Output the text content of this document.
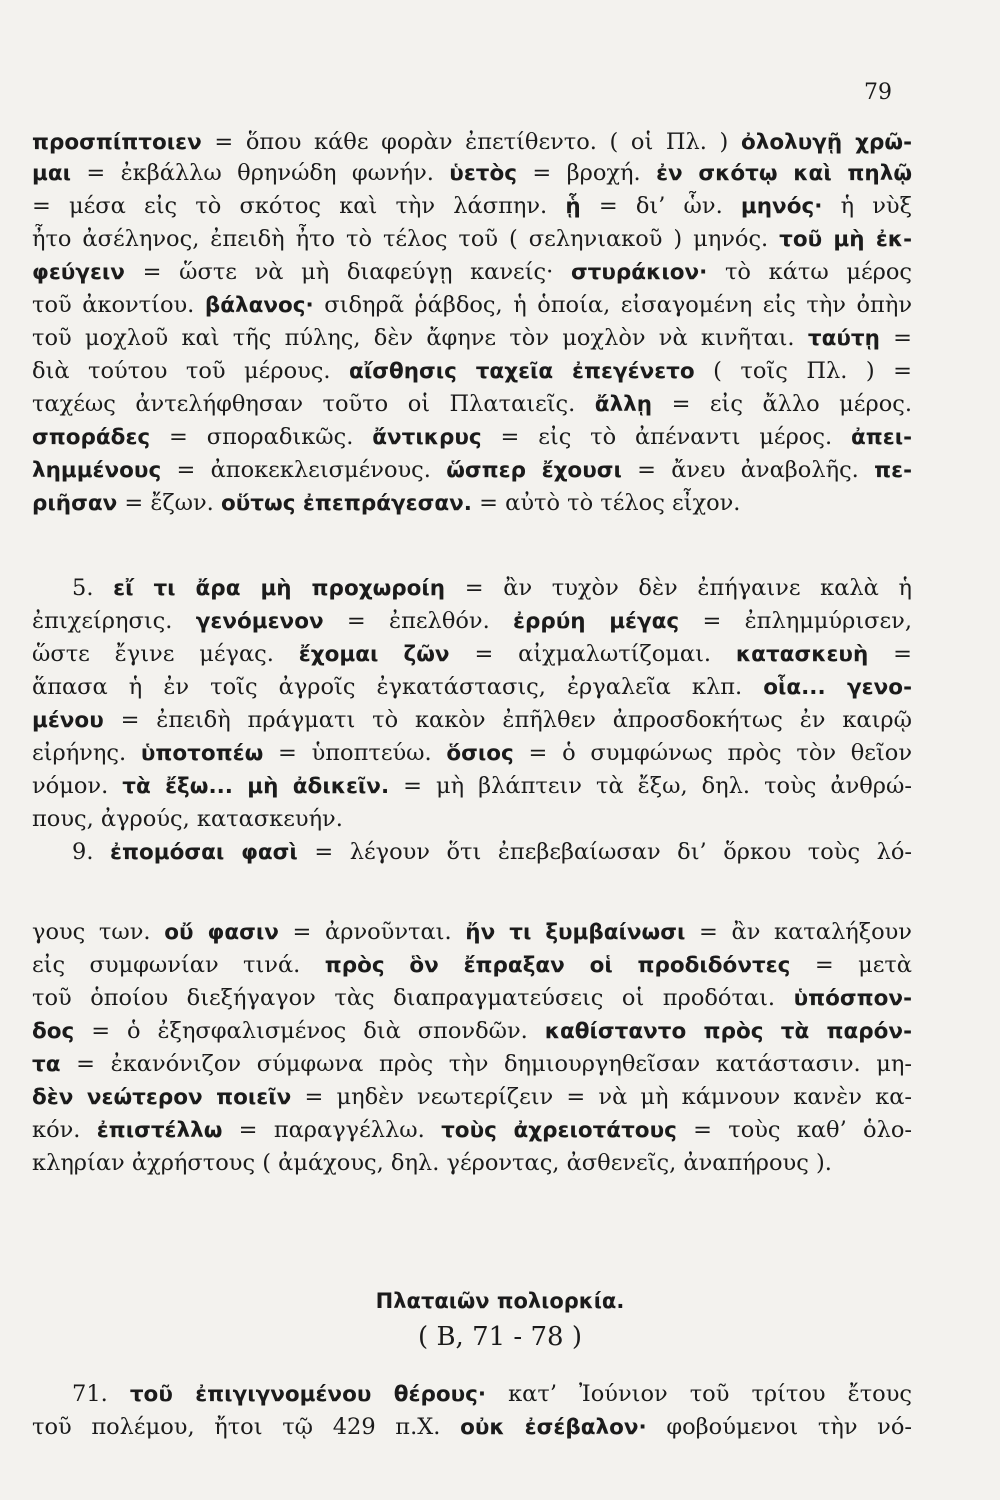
79
προσπίπτοιεν = ὅπου κάθε φορὰν ἐπετίθεντο. ( οἱ Πλ. ) ὀλολυγῇ χρῶ-
μαι = ἐκβάλλω θρηνώδη φωνήν. ὑετὸς = βροχή. ἐν σκότῳ καὶ πηλῷ
= μέσα εἰς τὸ σκότος καὶ τὴν λάσπην. ᾗ = δι’ ὧν. μηνός· ἡ νὺξ
ἦτο ἀσέληνος, ἐπειδὴ ἦτο τὸ τέλος τοῦ ( σεληνιακοῦ ) μηνός. τοῦ μὴ ἐκ-
φεύγειν = ὥστε νὰ μὴ διαφεύγῃ κανείς· στυράκιον· τὸ κάτω μέρος
τοῦ ἀκοντίου. βάλανος· σιδηρᾶ ῥάβδος, ἡ ὁποία, εἰσαγομένη εἰς τὴν ὀπὴν
τοῦ μοχλοῦ καὶ τῆς πύλης, δὲν ἄφηνε τὸν μοχλὸν νὰ κινῆται. ταύτῃ =
διὰ τούτου τοῦ μέρους. αἴσθησις ταχεῖα ἐπεγένετο ( τοῖς Πλ. ) =
ταχέως ἀντελήφθησαν τοῦτο οἱ Πλαταιεῖς. ἄλλῃ = εἰς ἄλλο μέρος.
σποράδες = σποραδικῶς. ἄντικρυς = εἰς τὸ ἀπέναντι μέρος. ἀπει-
λημμένους = ἀποκεκλεισμένους. ὥσπερ ἔχουσι = ἄνευ ἀναβολῆς. πε-
ριῆσαν = ἔζων. οὕτως ἐπεπράγεσαν. = αὐτὸ τὸ τέλος εἶχον.
5. εἴ τι ἄρα μὴ προχωροίη = ἂν τυχὸν δὲν ἐπήγαινε καλὰ ἡ
ἐπιχείρησις. γενόμενον = ἐπελθόν. ἐρρύη μέγας = ἐπλημμύρισεν,
ὥστε ἔγινε μέγας. ἔχομαι ζῶν = αἰχμαλωτίζομαι. κατασκευὴ =
ἅπασα ἡ ἐν τοῖς ἀγροῖς ἐγκατάστασις, ἐργαλεῖα κλπ. οἷα... γενο-
μένου = ἐπειδὴ πράγματι τὸ κακὸν ἐπῆλθεν ἀπροσδοκήτως ἐν καιρῷ
εἰρήνης. ὑποτοπέω = ὑποπτεύω. ὅσιος = ὁ συμφώνως πρὸς τὸν θεῖον
νόμον. τὰ ἔξω... μὴ ἀδικεῖν. = μὴ βλάπτειν τὰ ἔξω, δηλ. τοὺς ἀνθρώ-
πους, ἀγρούς, κατασκευήν.
9. ἐπομόσαι φασὶ = λέγουν ὅτι ἐπεβεβαίωσαν δι’ ὅρκου τοὺς λό-
γους των. οὔ φασιν = ἀρνοῦνται. ἤν τι ξυμβαίνωσι = ἂν καταλήξουν
εἰς συμφωνίαν τινά. πρὸς ὃν ἔπραξαν οἱ προδιδόντες = μετὰ
τοῦ ὁποίου διεξήγαγον τὰς διαπραγματεύσεις οἱ προδόται. ὑπόσπον-
δος = ὁ ἐξησφαλισμένος διὰ σπονδῶν. καθίσταντο πρὸς τὰ παρόν-
τα = ἐκανόνιζον σύμφωνα πρὸς τὴν δημιουργηθεῖσαν κατάστασιν. μη-
δὲν νεώτερον ποιεῖν = μηδὲν νεωτερίζειν = νὰ μὴ κάμνουν κανὲν κα-
κόν. ἐπιστέλλω = παραγγέλλω. τοὺς ἀχρειοτάτους = τοὺς καθ’ ὁλο-
κληρίαν ἀχρήστους ( ἀμάχους, δηλ. γέροντας, ἀσθενεῖς, ἀναπήρους ).
71. τοῦ ἐπιγιγνομένου θέρους· κατ’ Ἰούνιον τοῦ τρίτου ἔτους
τοῦ πολέμου, ἤτοι τῷ 429 π.Χ. οὐκ ἐσέβαλον· φοβούμενοι τὴν νό-
Πλαταιῶν πολιορκία.
( Β, 71 - 78 )
